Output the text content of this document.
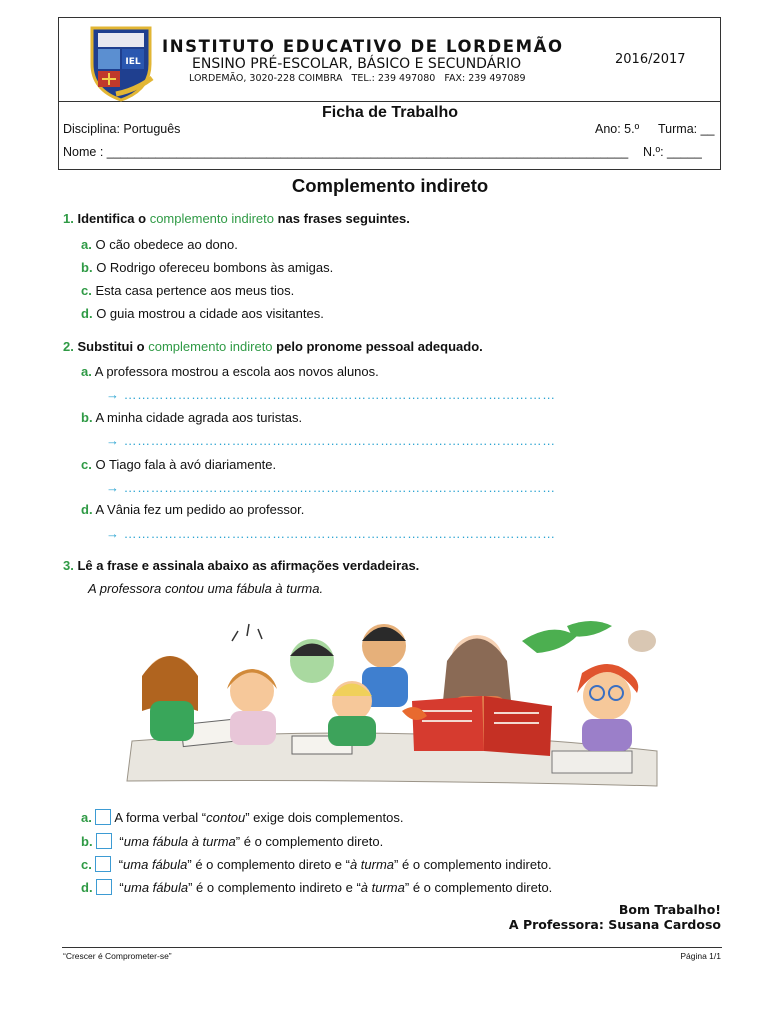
IEL
INSTITUTO EDUCATIVO DE LORDEMÃO
ENSINO PRÉ-ESCOLAR, BÁSICO E SECUNDÁRIO
LORDEMÃO, 3020-228 COIMBRA   TEL.: 239 497080   FAX: 239 497089
2016/2017
Ficha de Trabalho
Disciplina: Português	Ano: 5.º Turma: __
Nome : ___________________________________________________________________________ N.º: _____
Complemento indireto
1. Identifica o complemento indireto nas frases seguintes.
a. O cão obedece ao dono.
b. O Rodrigo ofereceu bombons às amigas.
c. Esta casa pertence aos meus tios.
d. O guia mostrou a cidade aos visitantes.
2. Substitui o complemento indireto pelo pronome pessoal adequado.
a. A professora mostrou a escola aos novos alunos.
→ ……………………………………………………………………………………
b. A minha cidade agrada aos turistas.
→ ……………………………………………………………………………………
c. O Tiago fala à avó diariamente.
→ ……………………………………………………………………………………
d. A Vânia fez um pedido ao professor.
→ ……………………………………………………………………………………
3. Lê a frase e assinala abaixo as afirmações verdadeiras.
A professora contou uma fábula à turma.
a. A forma verbal “contou” exige dois complementos.
b. “uma fábula à turma” é o complemento direto.
c. “uma fábula” é o complemento direto e “à turma” é o complemento indireto.
d. “uma fábula” é o complemento indireto e “à turma” é o complemento direto.
Bom Trabalho!
A Professora: Susana Cardoso
“Crescer é Comprometer-se”	Página 1/1
